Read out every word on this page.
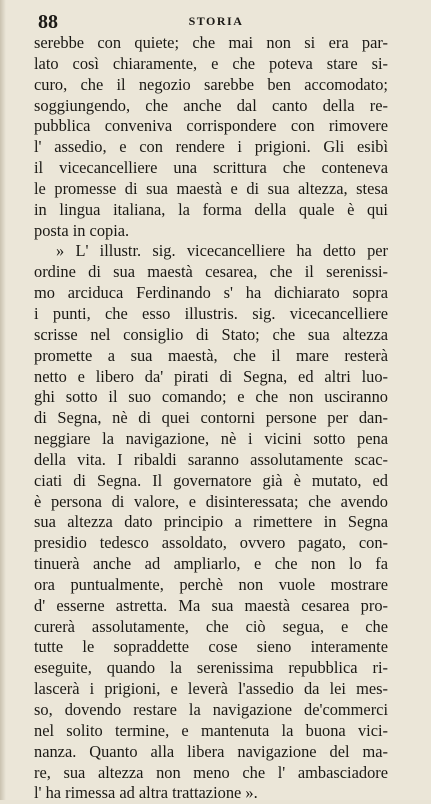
88	STORIA
serebbe con quiete; che mai non si era par-
lato così chiaramente, e che poteva stare si-
curo, che il negozio sarebbe ben accomodato;
soggiungendo, che anche dal canto della re-
pubblica conveniva corrispondere con rimovere
l' assedio, e con rendere i prigioni. Gli esibì
il vicecancelliere una scrittura che conteneva
le promesse di sua maestà e di sua altezza, stesa
in lingua italiana, la forma della quale è qui
posta in copia.
» L' illustr. sig. vicecancelliere ha detto per
ordine di sua maestà cesarea, che il serenissi-
mo arciduca Ferdinando s' ha dichiarato sopra
i punti, che esso illustris. sig. vicecancelliere
scrisse nel consiglio di Stato; che sua altezza
promette a sua maestà, che il mare resterà
netto e libero da' pirati di Segna, ed altri luo-
ghi sotto il suo comando; e che non usciranno
di Segna, nè di quei contorni persone per dan-
neggiare la navigazione, nè i vicini sotto pena
della vita. I ribaldi saranno assolutamente scac-
ciati di Segna. Il governatore già è mutato, ed
è persona di valore, e disinteressata; che avendo
sua altezza dato principio a rimettere in Segna
presidio tedesco assoldato, ovvero pagato, con-
tinuerà anche ad ampliarlo, e che non lo fa
ora puntualmente, perchè non vuole mostrare
d' esserne astretta. Ma sua maestà cesarea pro-
curerà assolutamente, che ciò segua, e che
tutte le sopraddette cose sieno interamente
eseguite, quando la serenissima repubblica ri-
lascerà i prigioni, e leverà l'assedio da lei mes-
so, dovendo restare la navigazione de'commerci
nel solito termine, e mantenuta la buona vici-
nanza. Quanto alla libera navigazione del ma-
re, sua altezza non meno che l' ambasciadore
l' ha rimessa ad altra trattazione ».
